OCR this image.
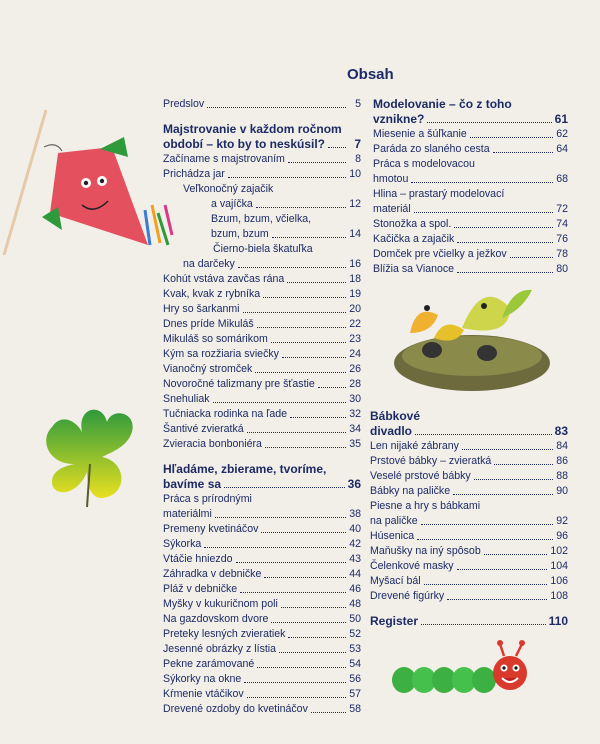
Obsah
Predslov	5
Majstrovanie v každom ročnom
období – kto by to neskúsil?	7
Začíname s majstrovaním	8
Prichádza jar	10
Veľkonočný zajačik
a vajíčka	12
Bzum, bzum, včielka,
bzum, bzum	14
Čierno-biela škatuľka
na darčeky	16
Kohút vstáva zavčas rána	18
Kvak, kvak z rybníka	19
Hry so šarkanmi	20
Dnes príde Mikuláš	22
Mikuláš so somárikom	23
Kým sa rozžiaria sviečky	24
Vianočný stromček	26
Novoročné talizmany pre šťastie	28
Snehuliak	30
Tučniacka rodinka na ľade	32
Šantivé zvieratká	34
Zvieracia bonboniéra	35
Hľadáme, zbierame, tvoríme,
bavíme sa	36
Práca s prírodnými
materiálmi	38
Premeny kvetináčov	40
Sýkorka	42
Vtáčie hniezdo	43
Záhradka v debničke	44
Pláž v debničke	46
Myšky v kukuričnom poli	48
Na gazdovskom dvore	50
Preteky lesných zvieratiek	52
Jesenné obrázky z lístia	53
Pekne zarámované	54
Sýkorky na okne	56
Kŕmenie vtáčikov	57
Drevené ozdoby do kvetináčov	58
Modelovanie – čo z toho
vznikne?	61
Miesenie a šúľkanie	62
Paráda zo slaného cesta	64
Práca s modelovacou
hmotou	68
Hlina – prastarý modelovací
materiál	72
Stonožka a spol.	74
Kačička a zajačik	76
Domček pre včielky a ježkov	78
Blížia sa Vianoce	80
Bábkové
divadlo	83
Len nijaké zábrany	84
Prstové bábky – zvieratká	86
Veselé prstové bábky	88
Bábky na paličke	90
Piesne a hry s bábkami
na paličke	92
Húsenica	96
Maňušky na iný spôsob	102
Čelenkové masky	104
Myšací bál	106
Drevené figúrky	108
Register	110
